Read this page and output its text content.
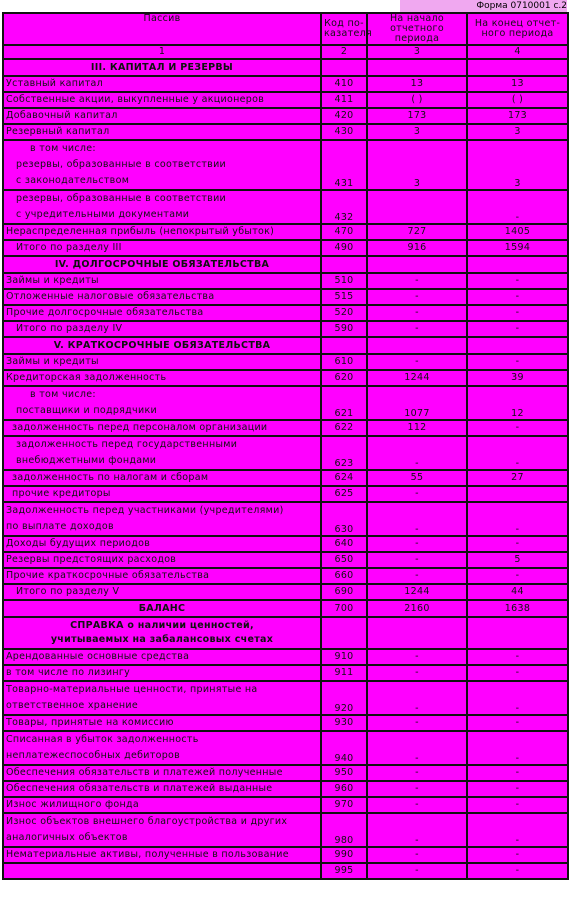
Форма 0710001 с.2
Пассив	Код по-казателя	На начало отчетного периода	На конец отчет-ного периода
1	2	3	4
III. КАПИТАЛ И РЕЗЕРВЫ			
Уставный капитал	410	13	13
Собственные акции, выкупленные у акционеров	411	( )	( )
Добавочный капитал	420	173	173
Резервный капитал	430	3	3

в том числе:
резервы, образованные в соответствии
с законодательством	431	3	3

резервы, образованные в соответствии
с учредительными документами	432		-
Нераспределенная прибыль (непокрытый убыток)	470	727	1405
Итого по разделу III	490	916	1594
IV. ДОЛГОСРОЧНЫЕ ОБЯЗАТЕЛЬСТВА			
Займы и кредиты	510	-	-
Отложенные налоговые обязательства	515	-	-
Прочие долгосрочные обязательства	520	-	-
Итого по разделу IV	590	-	-
V. КРАТКОСРОЧНЫЕ ОБЯЗАТЕЛЬСТВА			
Займы и кредиты	610	-	-
Кредиторская задолженность	620	1244	39

в том числе:
поставщики и подрядчики	621	1077	12
задолженность перед персоналом организации	622	112	-

задолженность перед государственными
внебюджетными фондами	623	-	-
задолженность по налогам и сборам	624	55	27
прочие кредиторы	625	-	

Задолженность перед участниками (учредителями)
по выплате доходов	630	-	-
Доходы будущих периодов	640	-	-
Резервы предстоящих расходов	650	-	5
Прочие краткосрочные обязательства	660	-	-
Итого по разделу V	690	1244	44
БАЛАНС	700	2160	1638

СПРАВКА о наличии ценностей,
учитываемых на забалансовых счетах			

Арендованные основные средства	910	-	-
в том числе по лизингу	911	-	-

Товарно-материальные ценности, принятые на
ответственное хранение	920	-	-
Товары, принятые на комиссию	930	-	-

Списанная в убыток задолженность
неплатежеспособных дебиторов	940	-	-
Обеспечения обязательств и платежей полученные	950	-	-
Обеспечения обязательств и платежей выданные	960	-	-
Износ жилищного фонда	970	-	-

Износ объектов внешнего благоустройства и других
аналогичных объектов	980	-	-
Нематериальные активы, полученные в пользование	990	-	-
	995	-	-
